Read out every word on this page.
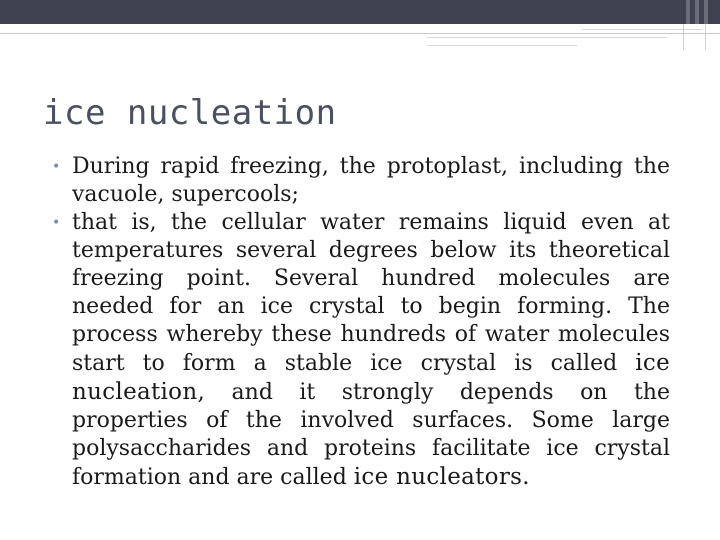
ice nucleation
• During rapid freezing, the protoplast, including the vacuole, supercools;
• that is, the cellular water remains liquid even at temperatures several degrees below its theoretical freezing point. Several hundred molecules are needed for an ice crystal to begin forming. The process whereby these hundreds of water molecules start to form a stable ice crystal is called ice nucleation, and it strongly depends on the properties of the involved surfaces. Some large polysaccharides and proteins facilitate ice crystal formation and are called ice nucleators.
